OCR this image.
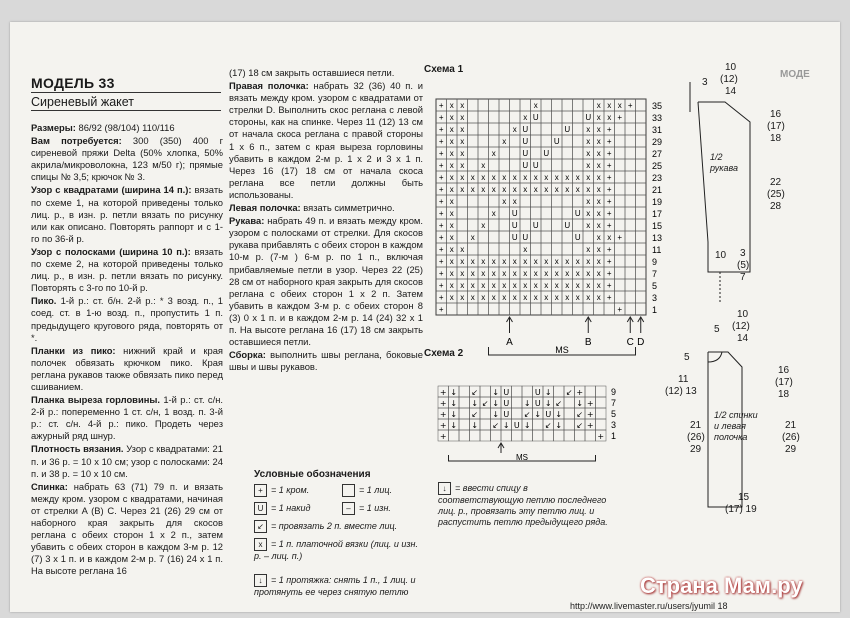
МОДЕЛЬ 33
Сиреневый жакет

Размеры: 86/92 (98/104) 110/116

Вам потребуется: 300 (350) 400 г сиреневой пряжи Delta (50% хлопка, 50% акрила/микроволокна, 123 м/50 г); прямые спицы № 3,5; крючок № 3.

Узор с квадратами (ширина 14 п.): вязать по схеме 1, на которой приведены только лиц. р., в изн. р. петли вязать по рисунку или как описано. Повторять раппорт и с 1-го по 36-й р.

Узор с полосками (ширина 10 п.): вязать по схеме 2, на которой приведены только лиц. р., в изн. р. петли вязать по рисунку. Повторять с 3-го по 10-й р.

Пико. 1-й р.: ст. б/н. 2-й р.: * 3 возд. п., 1 соед. ст. в 1-ю возд. п., пропустить 1 п. предыдущего кругового ряда, повторять от *.

Планки из пико: нижний край и края полочек обвязать крючком пико. Края реглана рукавов также обвязать пико перед сшиванием.

Планка выреза горловины. 1-й р.: ст. с/н. 2-й р.: попеременно 1 ст. с/н, 1 возд. п. 3-й р.: ст. с/н. 4-й р.: пико. Продеть через ажурный ряд шнур.

Плотность вязания. Узор с квадратами: 21 п. и 36 р. = 10 х 10 см; узор с полосками: 24 п. и 38 р. = 10 х 10 см.

Спинка: набрать 63 (71) 79 п. и вязать между кром. узором с квадратами, начиная от стрелки A (B) C. Через 21 (26) 29 см от наборного края закрыть для скосов реглана с обеих сторон 1 х 2 п., затем убавить с обеих сторон в каждом 3-м р. 12 (7) 3 х 1 п. и в каждом 2-м р. 7 (16) 24 х 1 п. На высоте реглана 16

(17) 18 см закрыть оставшиеся петли.

Правая полочка: набрать 32 (36) 40 п. и вязать между кром. узором с квадратами от стрелки D. Выполнить скос реглана с левой стороны, как на спинке. Через 11 (12) 13 см от начала скоса реглана с правой стороны 1 х 6 п., затем с края выреза горловины убавить в каждом 2-м р. 1 х 2 и 3 х 1 п. Через 16 (17) 18 см от начала скоса реглана все петли должны быть использованы.

Левая полочка: вязать симметрично.

Рукава: набрать 49 п. и вязать между кром. узором с полосками от стрелки. Для скосов рукава прибавлять с обеих сторон в каждом 10-м р. (7-м ) 6-м р. по 1 п., включая прибавляемые петли в узор. Через 22 (25) 28 см от наборного края закрыть для скосов реглана с обеих сторон 1 х 2 п. Затем убавить в каждом 3-м р. с обеих сторон 8 (3) 0 х 1 п. и в каждом 2-м р. 14 (24) 32 х 1 п. На высоте реглана 16 (17) 18 см закрыть оставшиеся петли.

Сборка: выполнить швы реглана, боковые швы и швы рукавов.

Условные обозначения
+ = 1 кром.	= 1 лиц.
U = 1 накид	– = 1 изн.
↙ = провязать 2 п. вместе лиц.
x = 1 п. платочной вязки (лиц. и изн. р. – лиц. п.)
↓ = 1 протяжка: снять 1 п., 1 лиц. и протянуть ее через снятую петлю
↓ = ввести спицу в соответствующую петлю последнего лиц. р., провязать эту петлю лиц. и распустить петлю предыдущего ряда.
Схема 1
+ x x	x	x x x + 35
+ x x	x U	U x x +	33
+ x x	x U	U x x +	31
+ x x	x U	U	x x +	29
+ x x	x	U U	x x +	27
+ x x x	U U	x x +	25
+ x x x x x x x x x x x x x x x +	23
+ x x x x x x x x x x x x x x x +	21
+ x	x x	x x +	19
+ x	x U	U x x +	17
+ x	x	U U	U x x +	15
+ x x	U U	U x x +	13
+ x x	x	x x +	11
+ x x x x x x x x x x x x x x x +	9
+ x x x x x x x x x x x x x x x +	7
+ x x x x x x x x x x x x x x x +	5
+ x x x x x x x x x x x x x x x +	3
+	+	1
A	B	C D
MS
Схема 2
+ ↓ ↙ ↓ U	U ↓ ↙ +	9
+ ↓ ↓ ↙ ↓ U ↓ U ↓ ↙ ↓ + 7
+ ↓ ↙ ↓ U ↙ ↓ U ↓ ↙ + 5
+ ↓ ↓ ↙ ↓ U ↓ ↙ ↓ ↙ + 3
+	+ 1
MS
10
(12)
14
3
16
(17)
18
1/2 рукава
22
(25)
28
10 3
(5)
7
10
(12)
14
5
5
11
(12) 13
16
(17)
18
1/2 спинки и левая полочка
21
(26)
29
21
(26)
29
15
(17) 19
МОДЕ
Страна Мам.ру
http://www.livemaster.ru/users/jyumil 18
